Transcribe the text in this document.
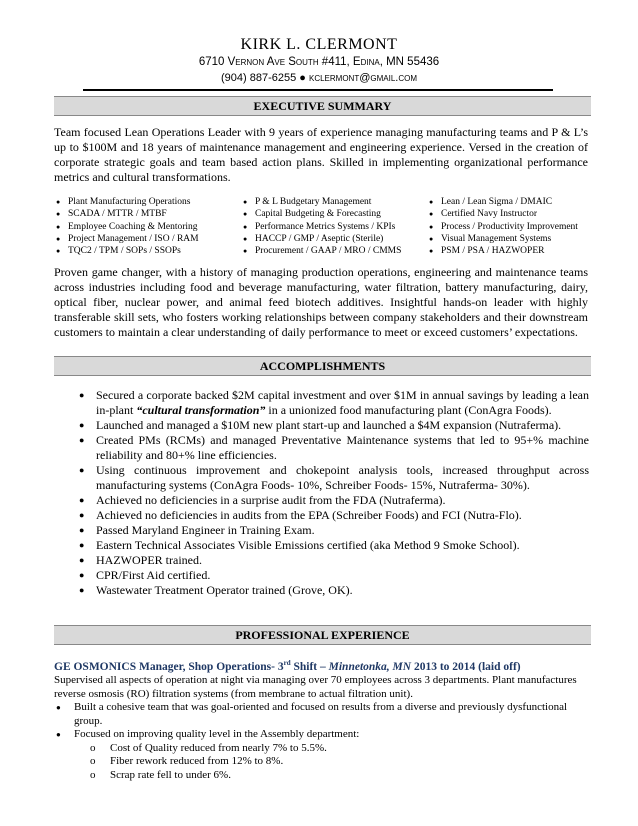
KIRK L. CLERMONT
6710 Vernon Ave South #411, Edina, MN 55436
(904) 887-6255 ● kclermont@gmail.com
EXECUTIVE SUMMARY
Team focused Lean Operations Leader with 9 years of experience managing manufacturing teams and P & L’s up to $100M and 18 years of maintenance management and engineering experience. Versed in the creation of corporate strategic goals and team based action plans. Skilled in implementing organizational performance metrics and cultural transformations.
● Plant Manufacturing Operations
● SCADA / MTTR / MTBF
● Employee Coaching & Mentoring
● Project Management / ISO / RAM
● TQC2 / TPM / SOPs / SSOPs
● P & L Budgetary Management
● Capital Budgeting & Forecasting
● Performance Metrics Systems / KPIs
● HACCP / GMP / Aseptic (Sterile)
● Procurement / GAAP / MRO / CMMS
● Lean / Lean Sigma / DMAIC
● Certified Navy Instructor
● Process / Productivity Improvement
● Visual Management Systems
● PSM / PSA / HAZWOPER
Proven game changer, with a history of managing production operations, engineering and maintenance teams across industries including food and beverage manufacturing, water filtration, battery manufacturing, dairy, optical fiber, nuclear power, and animal feed biotech additives. Insightful hands-on leader with highly transferable skill sets, who fosters working relationships between company stakeholders and their downstream customers to maintain a clear understanding of daily performance to meet or exceed customers’ expectations.
ACCOMPLISHMENTS
● Secured a corporate backed $2M capital investment and over $1M in annual savings by leading a lean in-plant “cultural transformation” in a unionized food manufacturing plant (ConAgra Foods).
● Launched and managed a $10M new plant start-up and launched a $4M expansion (Nutraferma).
● Created PMs (RCMs) and managed Preventative Maintenance systems that led to 95+% machine reliability and 80+% line efficiencies.
● Using continuous improvement and chokepoint analysis tools, increased throughput across manufacturing systems (ConAgra Foods- 10%, Schreiber Foods- 15%, Nutraferma- 30%).
● Achieved no deficiencies in a surprise audit from the FDA (Nutraferma).
● Achieved no deficiencies in audits from the EPA (Schreiber Foods) and FCI (Nutra-Flo).
● Passed Maryland Engineer in Training Exam.
● Eastern Technical Associates Visible Emissions certified (aka Method 9 Smoke School).
● HAZWOPER trained.
● CPR/First Aid certified.
● Wastewater Treatment Operator trained (Grove, OK).
PROFESSIONAL EXPERIENCE
GE OSMONICS Manager, Shop Operations- 3rd Shift – Minnetonka, MN 2013 to 2014 (laid off)
Supervised all aspects of operation at night via managing over 70 employees across 3 departments. Plant manufactures reverse osmosis (RO) filtration systems (from membrane to actual filtration unit).
● Built a cohesive team that was goal-oriented and focused on results from a diverse and previously dysfunctional group.
● Focused on improving quality level in the Assembly department:
o Cost of Quality reduced from nearly 7% to 5.5%.
o Fiber rework reduced from 12% to 8%.
o Scrap rate fell to under 6%.
